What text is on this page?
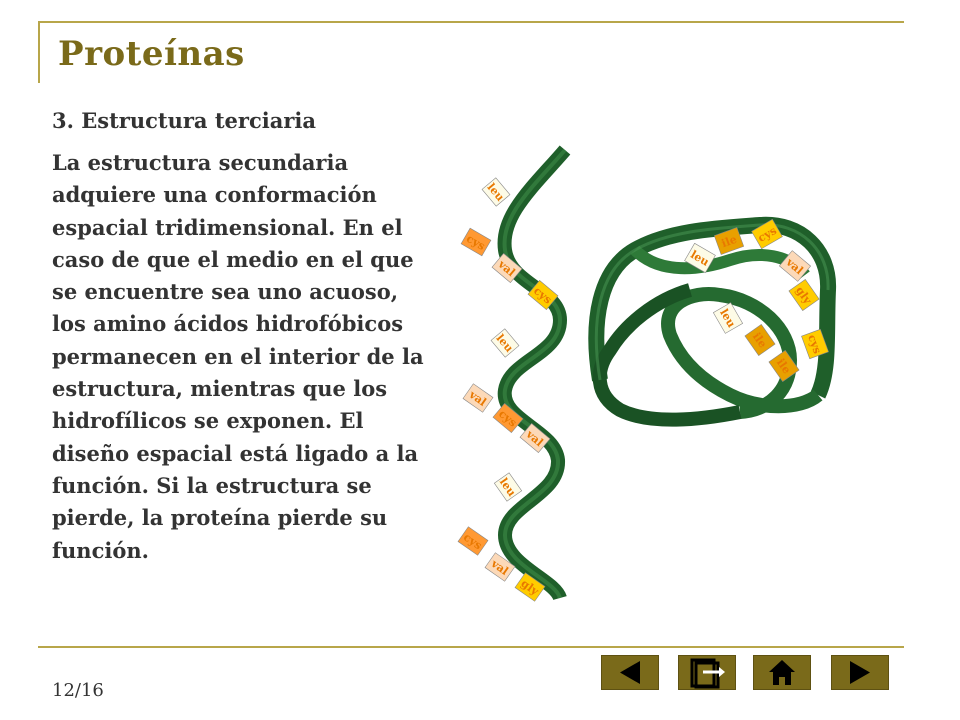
Proteínas
3. Estructura terciaria
La estructura secundaria
adquiere una conformación
espacial tridimensional. En el
caso de que el medio en el que
se encuentre sea uno acuoso,
los amino ácidos hidrofóbicos
permanecen en el interior de la
estructura, mientras que los
hidrofílicos se exponen. El
diseño espacial está ligado a la
función. Si la estructura se
pierde, la proteína pierde su
función.
leu
cys
val
cys
leu
val
cys
val
leu
cys
val
gly
leu
ile cys
val
gly
leu
ile
ile
cys
12/16
